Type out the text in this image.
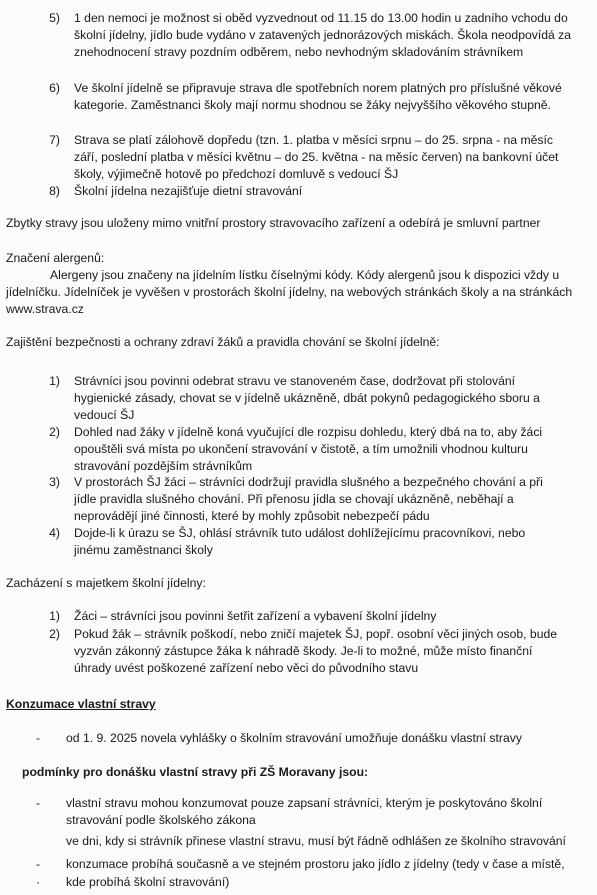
5) 1 den nemoci je možnost si oběd vyzvednout od 11.15 do 13.00 hodin u zadního vchodu do školní jídelny, jídlo bude vydáno v zatavených jednorázových miskách. Škola neodpovídá za znehodnocení stravy pozdním odběrem, nebo nevhodným skladováním strávníkem
6) Ve školní jídelně se připravuje strava dle spotřebních norem platných pro příslušné věkové kategorie. Zaměstnanci školy mají normu shodnou se žáky nejvyššího věkového stupně.
7) Strava se platí zálohově dopředu (tzn. 1. platba v měsíci srpnu – do 25. srpna - na měsíc září, poslední platba v měsíci květnu – do 25. května - na měsíc červen) na bankovní účet školy, výjimečně hotově po předchozí domluvě s vedoucí ŠJ
8) Školní jídelna nezajišťuje dietní stravování
Zbytky stravy jsou uloženy mimo vnitřní prostory stravovacího zařízení a odebírá je smluvní partner
Značení alergenů:
Alergeny jsou značeny na jídelním lístku číselnými kódy. Kódy alergenů jsou k dispozici vždy u jídelníčku. Jídelníček je vyvěšen v prostorách školní jídelny, na webových stránkách školy a na stránkách www.strava.cz
Zajištění bezpečnosti a ochrany zdraví žáků a pravidla chování se školní jídelně:
1) Strávníci jsou povinni odebrat stravu ve stanoveném čase, dodržovat při stolování hygienické zásady, chovat se v jídelně ukázněně, dbát pokynů pedagogického sboru a vedoucí ŠJ
2) Dohled nad žáky v jídelně koná vyučující dle rozpisu dohledu, který dbá na to, aby žáci opouštěli svá místa po ukončení stravování v čistotě, a tím umožnili vhodnou kulturu stravování pozdějším strávníkům
3) V prostorách ŠJ žáci – strávníci dodržují pravidla slušného a bezpečného chování a při jídle pravidla slušného chování. Při přenosu jídla se chovají ukázněně, neběhají a neprovádějí jiné činnosti, které by mohly způsobit nebezpečí pádu
4) Dojde-li k úrazu se ŠJ, ohlásí strávník tuto událost dohlížejícímu pracovníkovi, nebo jinému zaměstnanci školy
Zacházení s majetkem školní jídelny:
1) Žáci – strávníci jsou povinni šetřit zařízení a vybavení školní jídelny
2) Pokud žák – strávník poškodí, nebo zničí majetek ŠJ, popř. osobní věci jiných osob, bude vyzván zákonný zástupce žáka k náhradě škody. Je-li to možné, může místo finanční úhrady uvést poškozené zařízení nebo věci do původního stavu
Konzumace vlastní stravy
- od 1. 9. 2025 novela vyhlášky o školním stravování umožňuje donášku vlastní stravy
podmínky pro donášku vlastní stravy při ZŠ Moravany jsou:
- vlastní stravu mohou konzumovat pouze zapsaní strávníci, kterým je poskytováno školní stravování podle školského zákona
ve dni, kdy si strávník přinese vlastní stravu, musí být řádně odhlášen ze školního stravování
- konzumace probíhá současně a ve stejném prostoru jako jídlo z jídelny (tedy v čase a místě,
· kde probíhá školní stravování)
